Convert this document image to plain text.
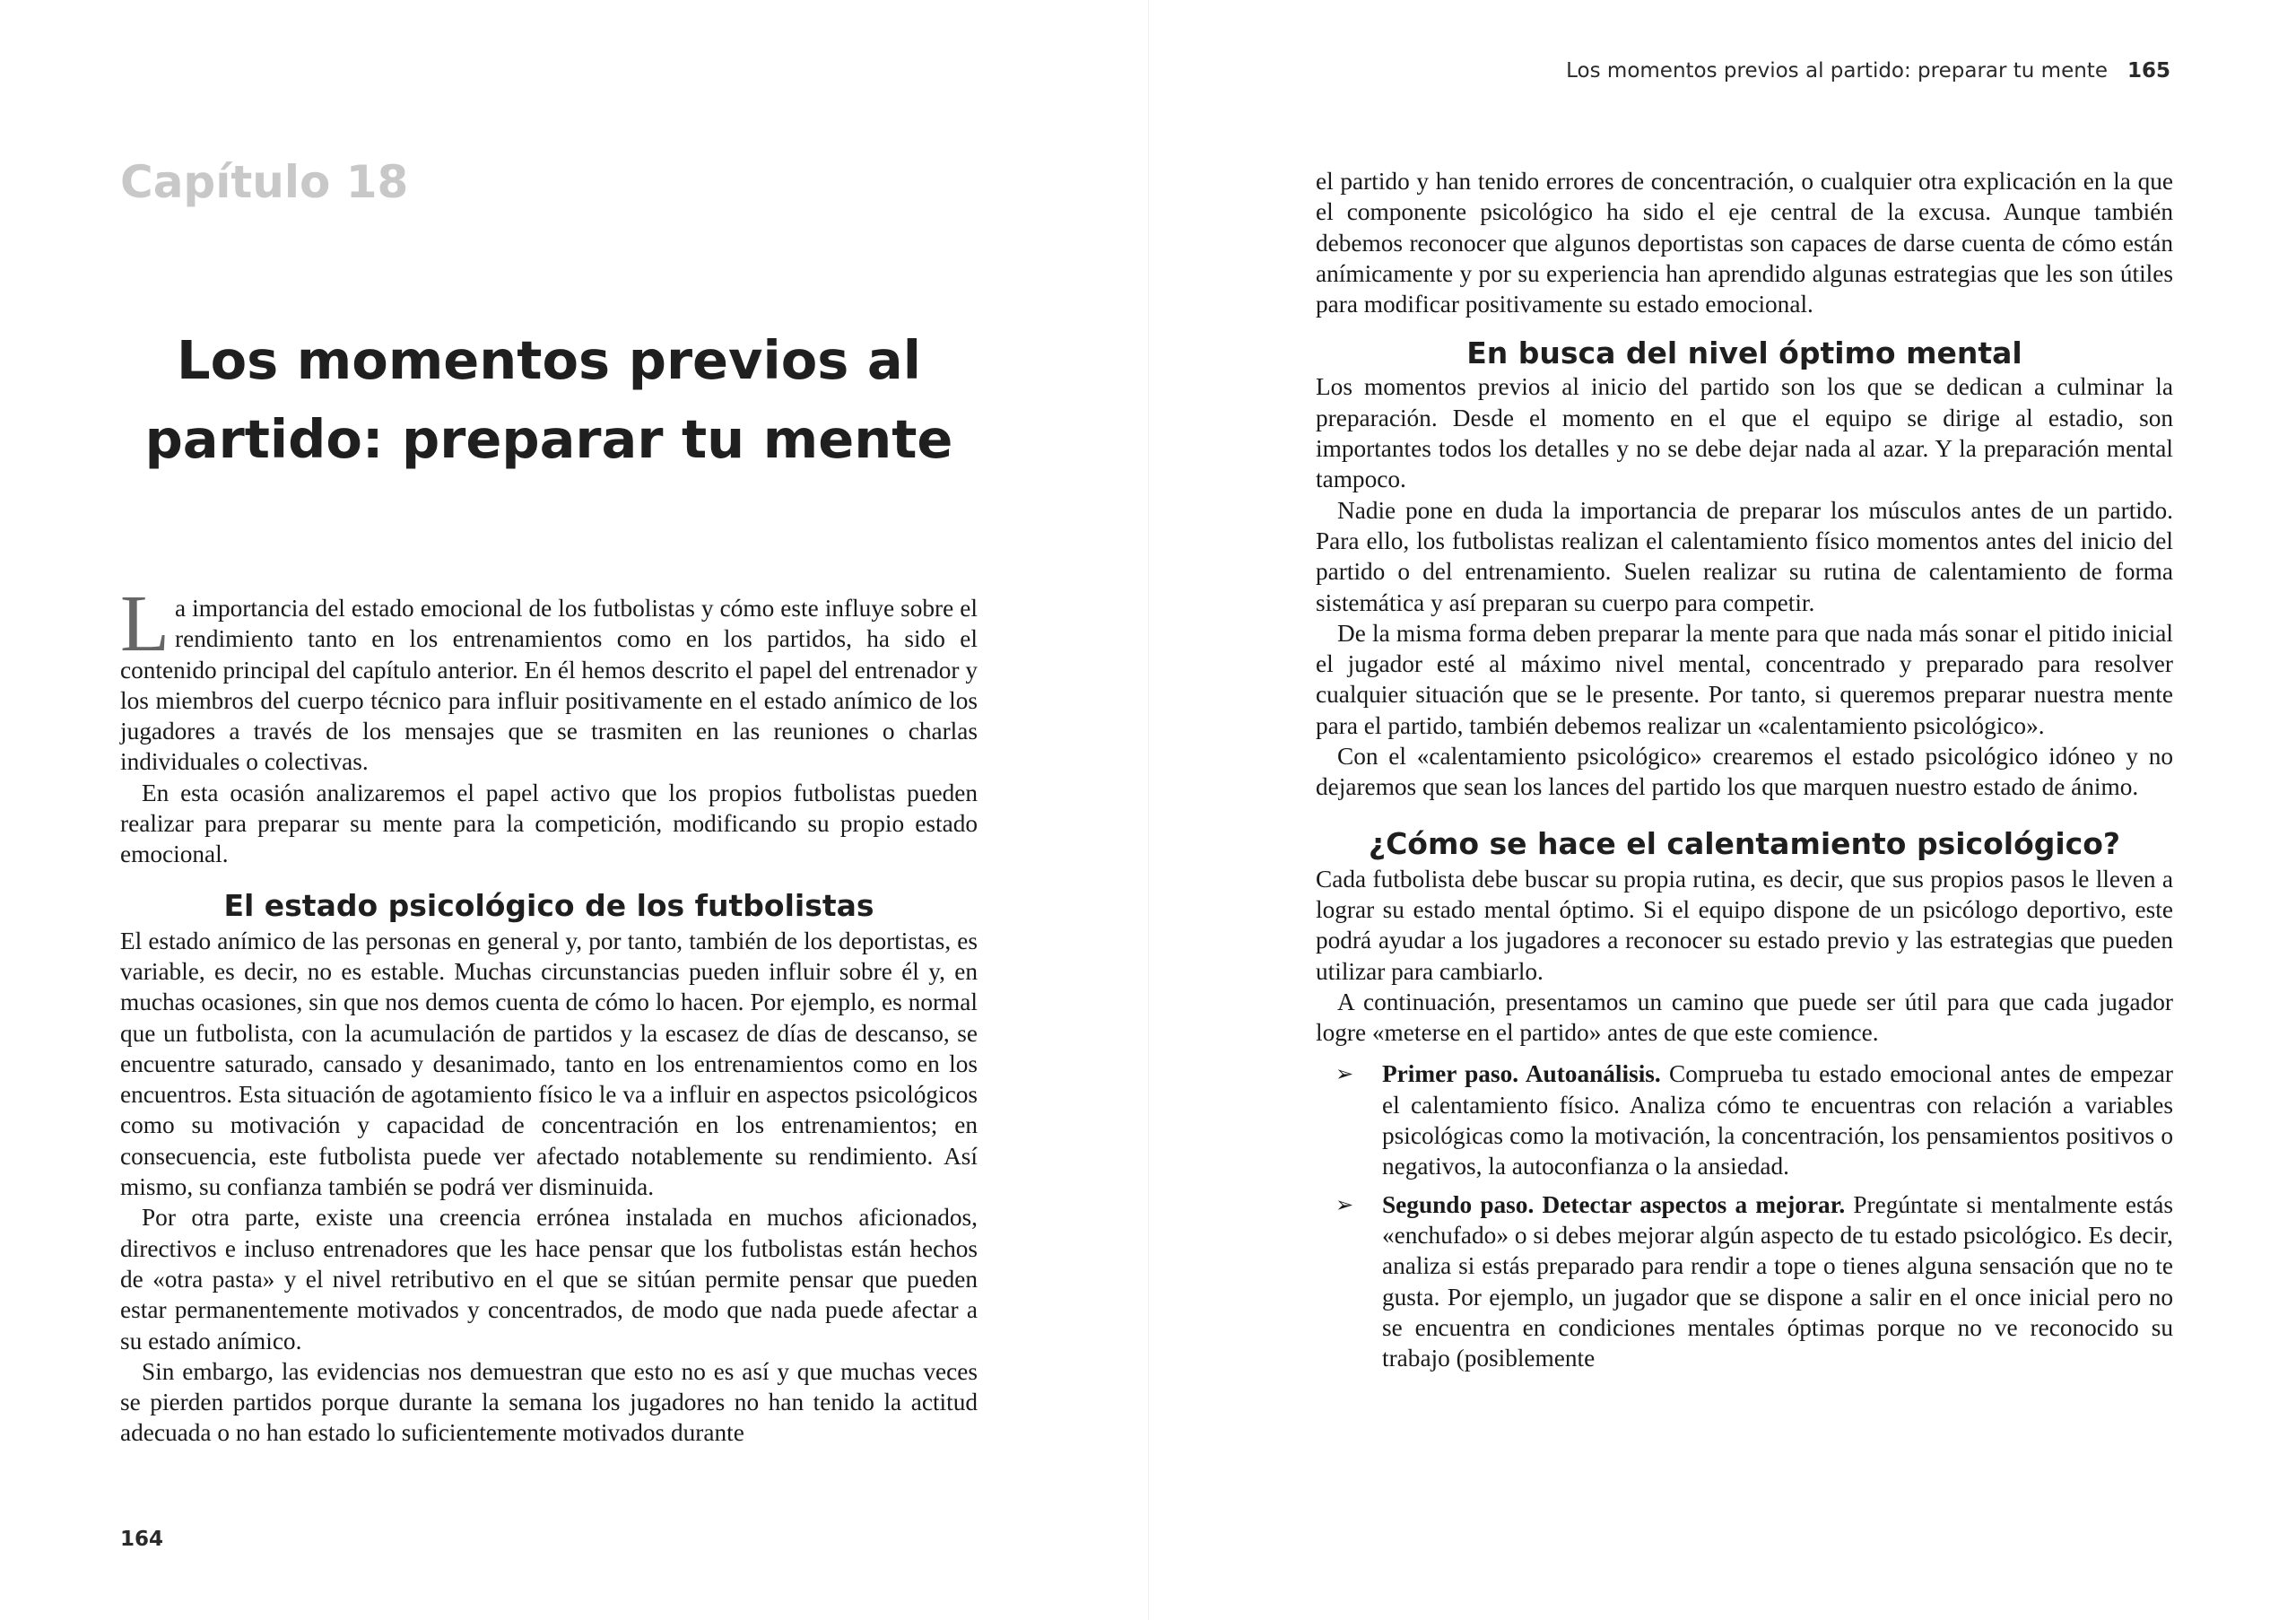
Capítulo 18
Los momentos previos al
partido: preparar tu mente

La importancia del estado emocional de los futbolistas y cómo este influye sobre el rendimiento tanto en los entrenamientos como en los partidos, ha sido el contenido principal del capítulo anterior. En él hemos descrito el papel del entrenador y los miembros del cuerpo técnico para influir positivamente en el estado anímico de los jugadores a través de los mensajes que se trasmiten en las reuniones o charlas individuales o colectivas.

En esta ocasión analizaremos el papel activo que los propios futbolistas pueden realizar para preparar su mente para la competición, modificando su propio estado emocional.

El estado psicológico de los futbolistas

El estado anímico de las personas en general y, por tanto, también de los deportistas, es variable, es decir, no es estable. Muchas circunstancias pueden influir sobre él y, en muchas ocasiones, sin que nos demos cuenta de cómo lo hacen. Por ejemplo, es normal que un futbolista, con la acumulación de partidos y la escasez de días de descanso, se encuentre saturado, cansado y desanimado, tanto en los entrenamientos como en los encuentros. Esta situación de agotamiento físico le va a influir en aspectos psicológicos como su motivación y capacidad de concentración en los entrenamientos; en consecuencia, este futbolista puede ver afectado notablemente su rendimiento. Así mismo, su confianza también se podrá ver disminuida.

Por otra parte, existe una creencia errónea instalada en muchos aficionados, directivos e incluso entrenadores que les hace pensar que los futbolistas están hechos de «otra pasta» y el nivel retributivo en el que se sitúan permite pensar que pueden estar permanentemente motivados y concentrados, de modo que nada puede afectar a su estado anímico.

Sin embargo, las evidencias nos demuestran que esto no es así y que muchas veces se pierden partidos porque durante la semana los jugadores no han tenido la actitud adecuada o no han estado lo suficientemente motivados durante

164
Los momentos previos al partido: preparar tu mente 165

el partido y han tenido errores de concentración, o cualquier otra explicación en la que el componente psicológico ha sido el eje central de la excusa. Aunque también debemos reconocer que algunos deportistas son capaces de darse cuenta de cómo están anímicamente y por su experiencia han aprendido algunas estrategias que les son útiles para modificar positivamente su estado emocional.

En busca del nivel óptimo mental

Los momentos previos al inicio del partido son los que se dedican a culminar la preparación. Desde el momento en el que el equipo se dirige al estadio, son importantes todos los detalles y no se debe dejar nada al azar. Y la preparación mental tampoco.

Nadie pone en duda la importancia de preparar los músculos antes de un partido. Para ello, los futbolistas realizan el calentamiento físico momentos antes del inicio del partido o del entrenamiento. Suelen realizar su rutina de calentamiento de forma sistemática y así preparan su cuerpo para competir.

De la misma forma deben preparar la mente para que nada más sonar el pitido inicial el jugador esté al máximo nivel mental, concentrado y preparado para resolver cualquier situación que se le presente. Por tanto, si queremos preparar nuestra mente para el partido, también debemos realizar un «calentamiento psicológico».

Con el «calentamiento psicológico» crearemos el estado psicológico idóneo y no dejaremos que sean los lances del partido los que marquen nuestro estado de ánimo.

¿Cómo se hace el calentamiento psicológico?

Cada futbolista debe buscar su propia rutina, es decir, que sus propios pasos le lleven a lograr su estado mental óptimo. Si el equipo dispone de un psicólogo deportivo, este podrá ayudar a los jugadores a reconocer su estado previo y las estrategias que pueden utilizar para cambiarlo.

A continuación, presentamos un camino que puede ser útil para que cada jugador logre «meterse en el partido» antes de que este comience.

➢ Primer paso. Autoanálisis. Comprueba tu estado emocional antes de empezar el calentamiento físico. Analiza cómo te encuentras con relación a variables psicológicas como la motivación, la concentración, los pensamientos positivos o negativos, la autoconfianza o la ansiedad.

➢ Segundo paso. Detectar aspectos a mejorar. Pregúntate si mentalmente estás «enchufado» o si debes mejorar algún aspecto de tu estado psicológico. Es decir, analiza si estás preparado para rendir a tope o tienes alguna sensación que no te gusta. Por ejemplo, un jugador que se dispone a salir en el once inicial pero no se encuentra en condiciones mentales óptimas porque no ve reconocido su trabajo (posiblemente
